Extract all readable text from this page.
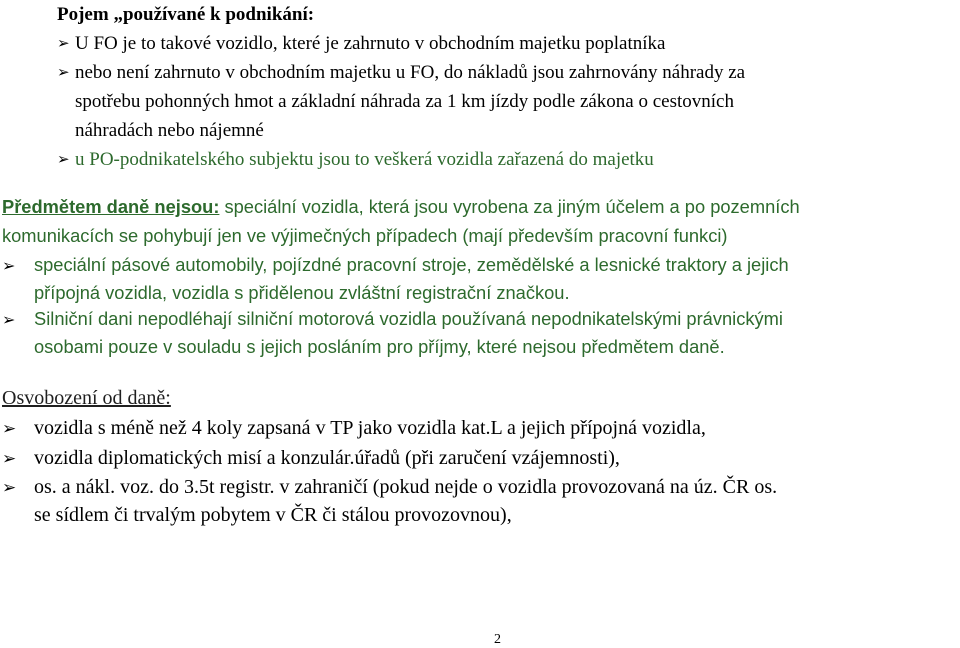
Pojem „používané k podnikání:
➢ U FO je to takové vozidlo, které je zahrnuto v obchodním majetku poplatníka
➢ nebo není zahrnuto v obchodním majetku u FO, do nákladů jsou zahrnovány náhrady za
spotřebu pohonných hmot a základní náhrada za 1 km jízdy podle zákona o cestovních
náhradách nebo nájemné
➢ u PO-podnikatelského subjektu jsou to veškerá vozidla zařazená do majetku
Předmětem daně nejsou: speciální vozidla, která jsou vyrobena za jiným účelem a po pozemních
komunikacích se pohybují jen ve výjimečných případech (mají především pracovní funkci)
➢ speciální pásové automobily, pojízdné pracovní stroje, zemědělské a lesnické traktory a jejich
přípojná vozidla, vozidla s přidělenou zvláštní registrační značkou.
➢ Silniční dani nepodléhají silniční motorová vozidla používaná nepodnikatelskými právnickými
osobami pouze v souladu s jejich posláním pro příjmy, které nejsou předmětem daně.
Osvobození od daně:
➢ vozidla s méně než 4 koly zapsaná v TP jako vozidla kat.L a jejich přípojná vozidla,
➢ vozidla diplomatických misí a konzulár.úřadů (při zaručení vzájemnosti),
➢ os. a nákl. voz. do 3.5t registr. v zahraničí (pokud nejde o vozidla provozovaná na úz. ČR os.
se sídlem či trvalým pobytem v ČR či stálou provozovnou),
2
